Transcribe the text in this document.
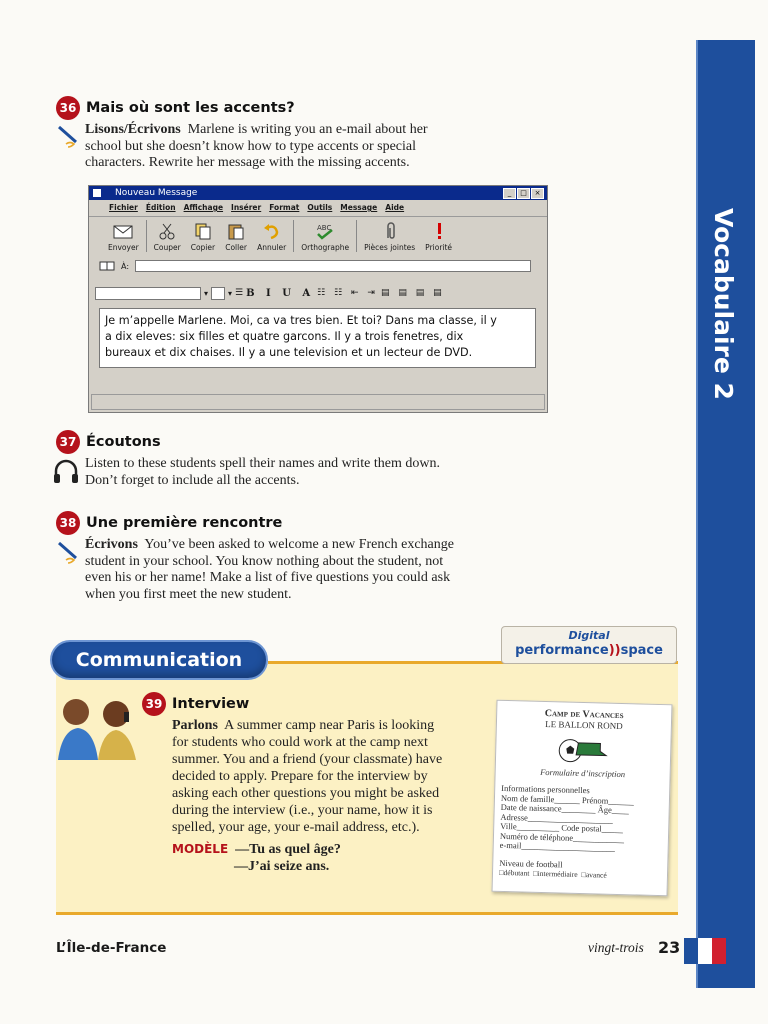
Vocabulaire 2
36 Mais où sont les accents?
Lisons/Écrivons Marlene is writing you an e-mail about her
school but she doesn’t know how to type accents or special
characters. Rewrite her message with the missing accents.
Nouveau Message	_	□	×
Fichier Édition Affichage Insérer Format Outils Message Aide
Envoyer Couper Copier Coller Annuler
ABC
Orthographe Pièces jointes Priorité
À:
▾	▾ ☰ B I U A ☷ ☷ ⇤ ⇥ ▤ ▤ ▤ ▤
Je m’appelle Marlene. Moi, ca va tres bien. Et toi? Dans ma classe, il y
a dix eleves: six filles et quatre garcons. Il y a trois fenetres, dix
bureaux et dix chaises. Il y a une television et un lecteur de DVD.
37 Écoutons
Listen to these students spell their names and write them down.
Don’t forget to include all the accents.
38 Une première rencontre
Écrivons You’ve been asked to welcome a new French exchange
student in your school. You know nothing about the student, not
even his or her name! Make a list of five questions you could ask
when you first meet the new student.
Communication
Digital
performance))space
39 Interview
Parlons A summer camp near Paris is looking
for students who could work at the camp next
summer. You and a friend (your classmate) have
decided to apply. Prepare for the interview by
asking each other questions you might be asked
during the interview (i.e., your name, how it is
spelled, your age, your e-mail address, etc.).
MODÈLE —Tu as quel âge?
—J’ai seize ans.
Camp de Vacances
LE BALLON ROND
Formulaire d’inscription
Informations personnelles
Nom de famille______ Prénom______
Date de naissance________ Âge____
Adresse____________________
Ville__________ Code postal_____
Numéro de téléphone____________
e-mail______________________
Niveau de football
□débutant  □intermédiaire  □avancé
L’Île-de-France	vingt-trois 23
